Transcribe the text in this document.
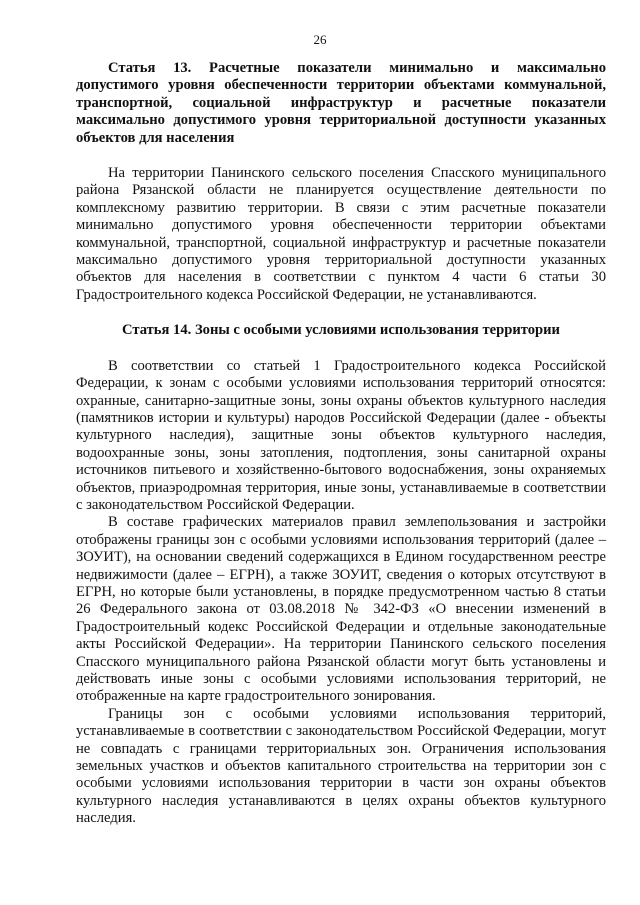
26

Статья 13. Расчетные показатели минимально и максимально допустимого уровня обеспеченности территории объектами коммунальной, транспортной, социальной инфраструктур и расчетные показатели максимально допустимого уровня территориальной доступности указанных объектов для населения

На территории Панинского сельского поселения Спасского муниципального района Рязанской области не планируется осуществление деятельности по комплексному развитию территории. В связи с этим расчетные показатели минимально допустимого уровня обеспеченности территории объектами коммунальной, транспортной, социальной инфраструктур и расчетные показатели максимально допустимого уровня территориальной доступности указанных объектов для населения в соответствии с пунктом 4 части 6 статьи 30 Градостроительного кодекса Российской Федерации, не устанавливаются.

Статья 14. Зоны с особыми условиями использования территории

В соответствии со статьей 1 Градостроительного кодекса Российской Федерации, к зонам с особыми условиями использования территорий относятся: охранные, санитарно-защитные зоны, зоны охраны объектов культурного наследия (памятников истории и культуры) народов Российской Федерации (далее - объекты культурного наследия), защитные зоны объектов культурного наследия, водоохранные зоны, зоны затопления, подтопления, зоны санитарной охраны источников питьевого и хозяйственно-бытового водоснабжения, зоны охраняемых объектов, приаэродромная территория, иные зоны, устанавливаемые в соответствии с законодательством Российской Федерации.

В составе графических материалов правил землепользования и застройки отображены границы зон с особыми условиями использования территорий (далее – ЗОУИТ), на основании сведений содержащихся в Едином государственном реестре недвижимости (далее – ЕГРН), а также ЗОУИТ, сведения о которых отсутствуют в ЕГРН, но которые были установлены, в порядке предусмотренном частью 8 статьи 26 Федерального закона от 03.08.2018 № 342-ФЗ «О внесении изменений в Градостроительный кодекс Российской Федерации и отдельные законодательные акты Российской Федерации». На территории Панинского сельского поселения Спасского муниципального района Рязанской области могут быть установлены и действовать иные зоны с особыми условиями использования территорий, не отображенные на карте градостроительного зонирования.

Границы зон с особыми условиями использования территорий, устанавливаемые в соответствии с законодательством Российской Федерации, могут не совпадать с границами территориальных зон. Ограничения использования земельных участков и объектов капитального строительства на территории зон с особыми условиями использования территории в части зон охраны объектов культурного наследия устанавливаются в целях охраны объектов культурного наследия.
